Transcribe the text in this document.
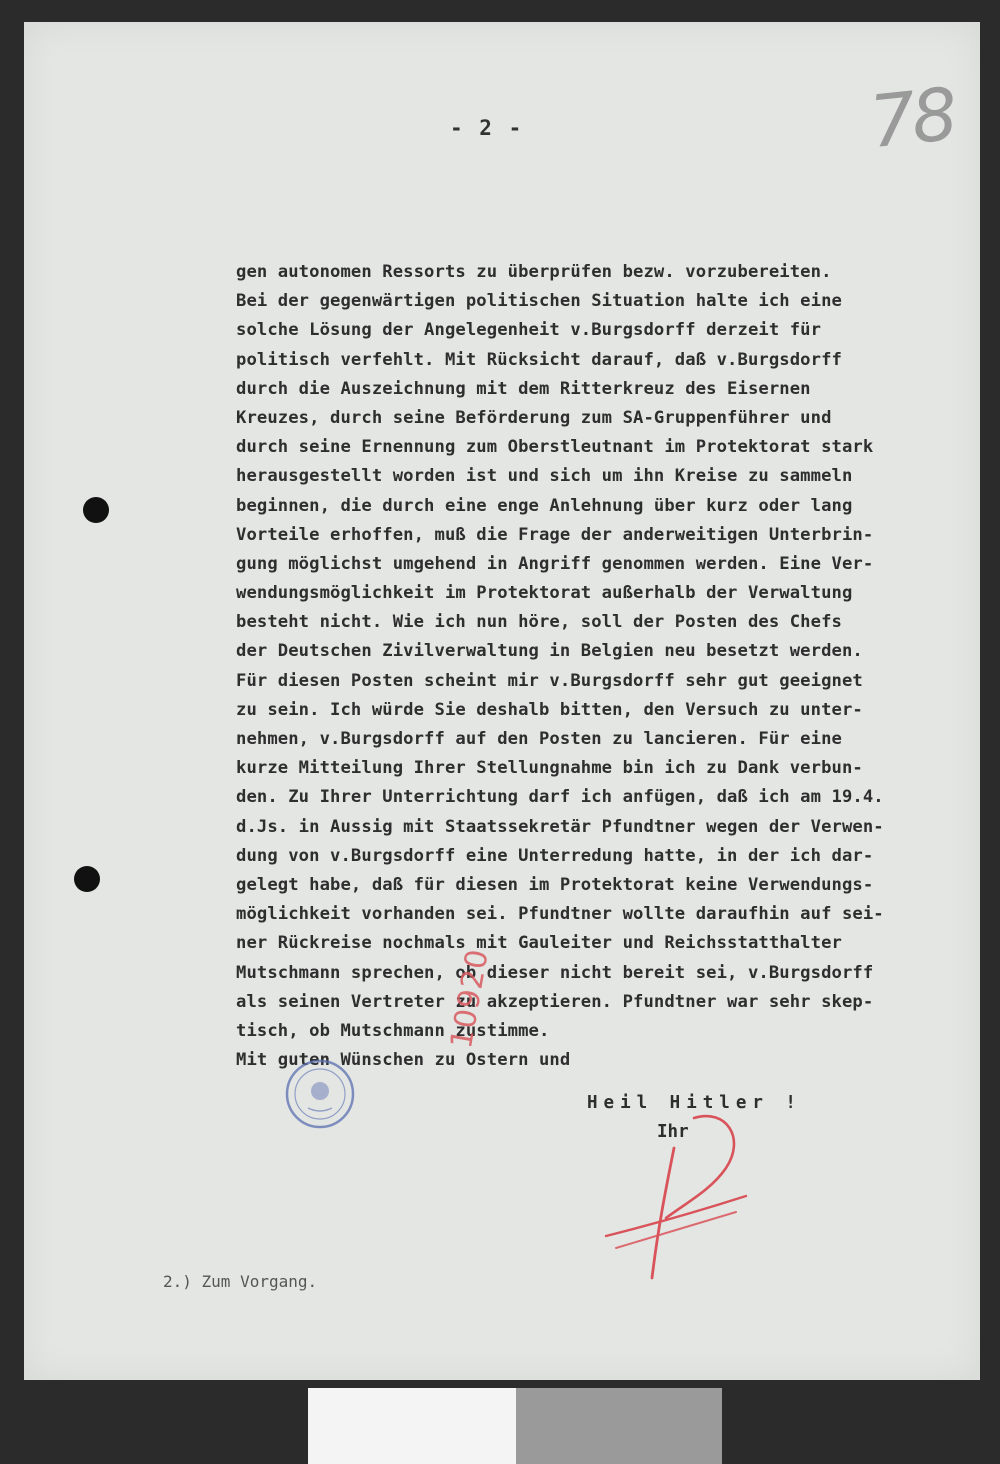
- 2 -	78
gen autonomen Ressorts zu überprüfen bezw. vorzubereiten.
Bei der gegenwärtigen politischen Situation halte ich eine
solche Lösung der Angelegenheit v.Burgsdorff derzeit für
politisch verfehlt. Mit Rücksicht darauf, daß v.Burgsdorff
durch die Auszeichnung mit dem Ritterkreuz des Eisernen
Kreuzes, durch seine Beförderung zum SA-Gruppenführer und
durch seine Ernennung zum Oberstleutnant im Protektorat stark
herausgestellt worden ist und sich um ihn Kreise zu sammeln
beginnen, die durch eine enge Anlehnung über kurz oder lang
Vorteile erhoffen, muß die Frage der anderweitigen Unterbrin-
gung möglichst umgehend in Angriff genommen werden. Eine Ver-
wendungsmöglichkeit im Protektorat außerhalb der Verwaltung
besteht nicht. Wie ich nun höre, soll der Posten des Chefs
der Deutschen Zivilverwaltung in Belgien neu besetzt werden.
Für diesen Posten scheint mir v.Burgsdorff sehr gut geeignet
zu sein. Ich würde Sie deshalb bitten, den Versuch zu unter-
nehmen, v.Burgsdorff auf den Posten zu lancieren. Für eine
kurze Mitteilung Ihrer Stellungnahme bin ich zu Dank verbun-
den. Zu Ihrer Unterrichtung darf ich anfügen, daß ich am 19.4.
d.Js. in Aussig mit Staatssekretär Pfundtner wegen der Verwen-
dung von v.Burgsdorff eine Unterredung hatte, in der ich dar-
gelegt habe, daß für diesen im Protektorat keine Verwendungs-
möglichkeit vorhanden sei. Pfundtner wollte daraufhin auf sei-
ner Rückreise nochmals mit Gauleiter und Reichsstatthalter
Mutschmann sprechen, ob dieser nicht bereit sei, v.Burgsdorff
als seinen Vertreter zu akzeptieren. Pfundtner war sehr skep-
tisch, ob Mutschmann zustimme.
Mit guten Wünschen zu Ostern und
10920
Heil Hitler !
Ihr
2.) Zum Vorgang.
